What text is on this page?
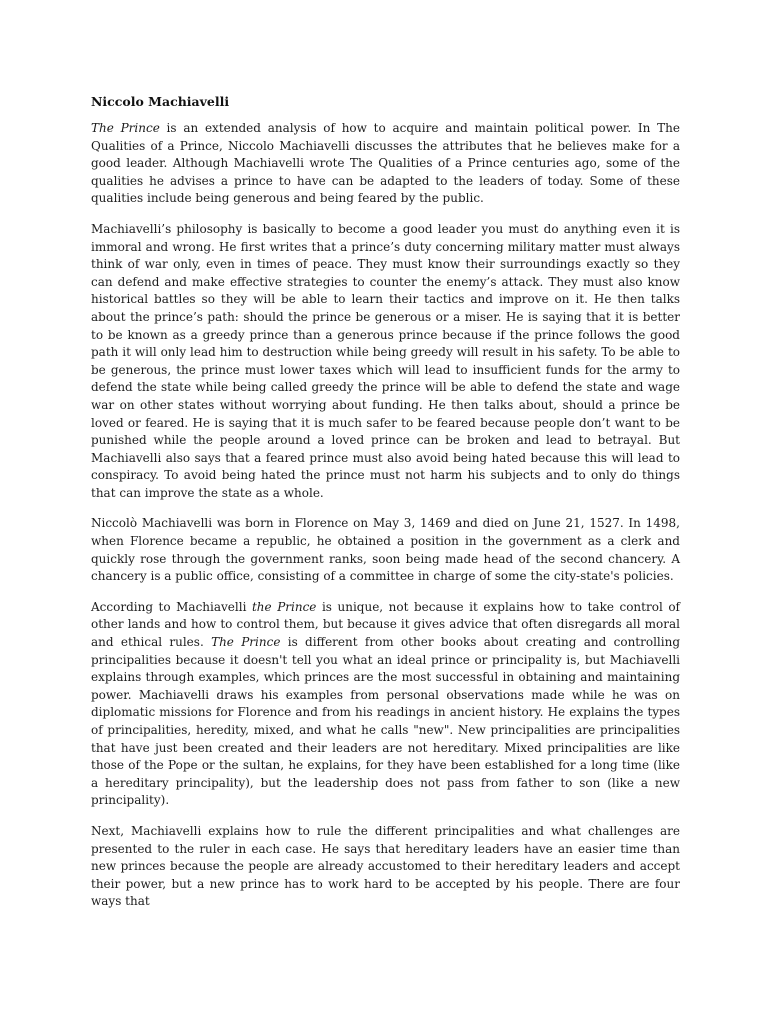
Niccolo Machiavelli

The Prince is an extended analysis of how to acquire and maintain political power. In The Qualities of a Prince, Niccolo Machiavelli discusses the attributes that he believes make for a good leader. Although Machiavelli wrote The Qualities of a Prince centuries ago, some of the qualities he advises a prince to have can be adapted to the leaders of today. Some of these qualities include being generous and being feared by the public.

Machiavelli’s philosophy is basically to become a good leader you must do anything even it is immoral and wrong. He first writes that a prince’s duty concerning military matter must always think of war only, even in times of peace. They must know their surroundings exactly so they can defend and make effective strategies to counter the enemy’s attack. They must also know historical battles so they will be able to learn their tactics and improve on it. He then talks about the prince’s path: should the prince be generous or a miser. He is saying that it is better to be known as a greedy prince than a generous prince because if the prince follows the good path it will only lead him to destruction while being greedy will result in his safety. To be able to be generous, the prince must lower taxes which will lead to insufficient funds for the army to defend the state while being called greedy the prince will be able to defend the state and wage war on other states without worrying about funding. He then talks about, should a prince be loved or feared. He is saying that it is much safer to be feared because people don’t want to be punished while the people around a loved prince can be broken and lead to betrayal. But Machiavelli also says that a feared prince must also avoid being hated because this will lead to conspiracy. To avoid being hated the prince must not harm his subjects and to only do things that can improve the state as a whole.

Niccolò Machiavelli was born in Florence on May 3, 1469 and died on June 21, 1527. In 1498, when Florence became a republic, he obtained a position in the government as a clerk and quickly rose through the government ranks, soon being made head of the second chancery. A chancery is a public office, consisting of a committee in charge of some the city-state's policies.

According to Machiavelli the Prince is unique, not because it explains how to take control of other lands and how to control them, but because it gives advice that often disregards all moral and ethical rules. The Prince is different from other books about creating and controlling principalities because it doesn't tell you what an ideal prince or principality is, but Machiavelli explains through examples, which princes are the most successful in obtaining and maintaining power. Machiavelli draws his examples from personal observations made while he was on diplomatic missions for Florence and from his readings in ancient history. He explains the types of principalities, heredity, mixed, and what he calls "new". New principalities are principalities that have just been created and their leaders are not hereditary. Mixed principalities are like those of the Pope or the sultan, he explains, for they have been established for a long time (like a hereditary principality), but the leadership does not pass from father to son (like a new principality).

Next, Machiavelli explains how to rule the different principalities and what challenges are presented to the ruler in each case. He says that hereditary leaders have an easier time than new princes because the people are already accustomed to their hereditary leaders and accept their power, but a new prince has to work hard to be accepted by his people. There are four ways that
